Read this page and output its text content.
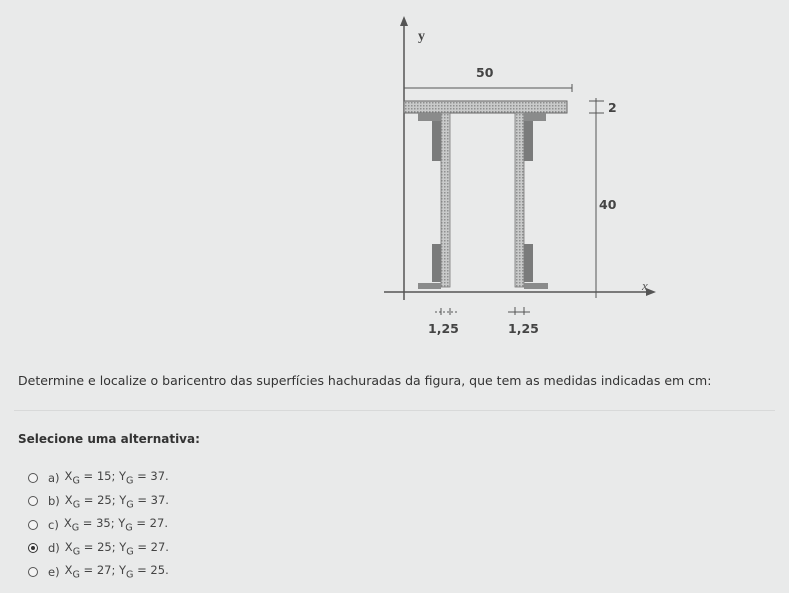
y
x
50
2
40
1,25	1,25
Determine e localize o baricentro das superfícies hachuradas da figura, que tem as medidas indicadas em cm:
Selecione uma alternativa:
a) $X_G = 15$; $Y_G = 37$.
b) $X_G = 25$; $Y_G = 37$.
c) $X_G = 35$; $Y_G = 27$.
d) $X_G = 25$; $Y_G = 27$.
e) $X_G = 27$; $Y_G = 25$.
